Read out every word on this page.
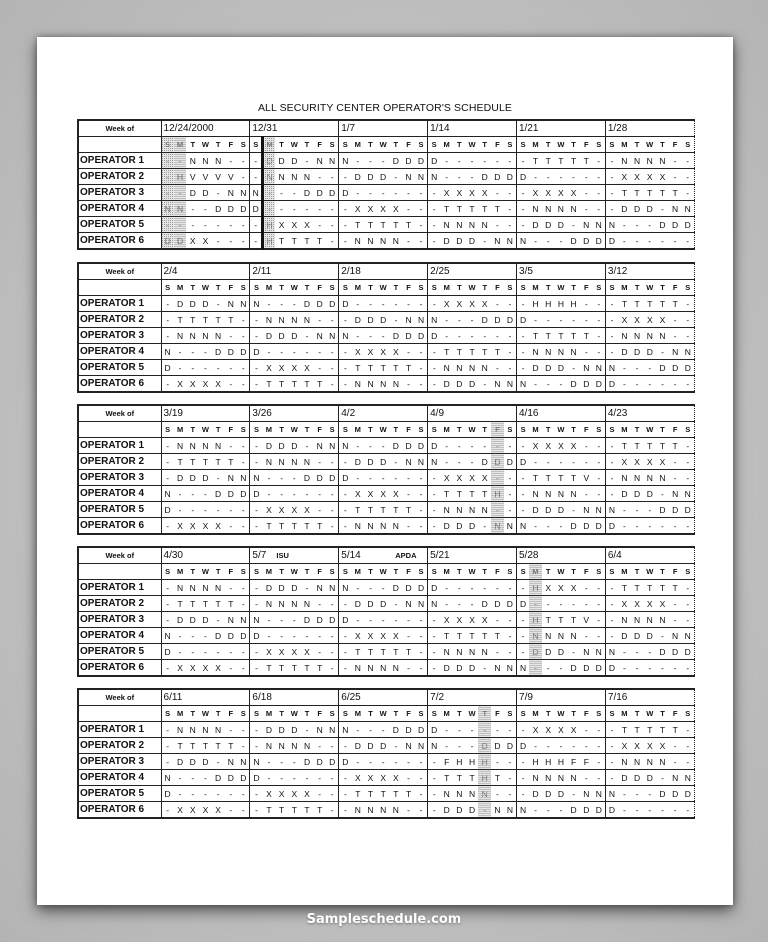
ALL SECURITY CENTER OPERATOR'S SCHEDULE
Week of	12/24/2000							12/31							1/7							1/14							1/21							1/28						
	S	M	T	W	T	F	S	S	M	T	W	T	F	S	S	M	T	W	T	F	S	S	M	T	W	T	F	S	S	M	T	W	T	F	S	S	M	T	W	T	F	S
OPERATOR 1	-	-	N	N	N	-	-	-	D	D	D	-	N	N	N	-	-	-	D	D	D	D	-	-	-	-	-	-	-	T	T	T	T	T	-	-	N	N	N	N	-	-
OPERATOR 2	-	H	V	V	V	V	-	-	N	N	N	N	-	-	-	D	D	D	-	N	N	N	-	-	-	D	D	D	D	-	-	-	-	-	-	-	X	X	X	X	-	-
OPERATOR 3	-	-	D	D	-	N	N	N	-	-	-	D	D	D	D	-	-	-	-	-	-	-	X	X	X	X	-	-	-	X	X	X	X	-	-	-	T	T	T	T	T	-
OPERATOR 4	N	N	-	-	D	D	D	D	-	-	-	-	-	-	-	X	X	X	X	-	-	-	T	T	T	T	T	-	-	N	N	N	N	-	-	-	D	D	D	-	N	N
OPERATOR 5	-	-	-	-	-	-	-	-	H	X	X	X	-	-	-	T	T	T	T	T	-	-	N	N	N	N	-	-	-	D	D	D	-	N	N	N	-	-	-	D	D	D
OPERATOR 6	D	D	X	X	-	-	-	-	H	T	T	T	T	-	-	N	N	N	N	-	-	-	D	D	D	-	N	N	N	-	-	-	D	D	D	D	-	-	-	-	-	-
Week of	2/4							2/11							2/18							2/25							3/5							3/12						
	S	M	T	W	T	F	S	S	M	T	W	T	F	S	S	M	T	W	T	F	S	S	M	T	W	T	F	S	S	M	T	W	T	F	S	S	M	T	W	T	F	S
OPERATOR 1	-	D	D	D	-	N	N	N	-	-	-	D	D	D	D	-	-	-	-	-	-	-	X	X	X	X	-	-	-	H	H	H	H	-	-	-	T	T	T	T	T	-
OPERATOR 2	-	T	T	T	T	T	-	-	N	N	N	N	-	-	-	D	D	D	-	N	N	N	-	-	-	D	D	D	D	-	-	-	-	-	-	-	X	X	X	X	-	-
OPERATOR 3	-	N	N	N	N	-	-	-	D	D	D	-	N	N	N	-	-	-	D	D	D	D	-	-	-	-	-	-	-	T	T	T	T	T	-	-	N	N	N	N	-	-
OPERATOR 4	N	-	-	-	D	D	D	D	-	-	-	-	-	-	-	X	X	X	X	-	-	-	T	T	T	T	T	-	-	N	N	N	N	-	-	-	D	D	D	-	N	N
OPERATOR 5	D	-	-	-	-	-	-	-	X	X	X	X	-	-	-	T	T	T	T	T	-	-	N	N	N	N	-	-	-	D	D	D	-	N	N	N	-	-	-	D	D	D
OPERATOR 6	-	X	X	X	X	-	-	-	T	T	T	T	T	-	-	N	N	N	N	-	-	-	D	D	D	-	N	N	N	-	-	-	D	D	D	D	-	-	-	-	-	-
Week of	3/19							3/26							4/2							4/9							4/16							4/23						
	S	M	T	W	T	F	S	S	M	T	W	T	F	S	S	M	T	W	T	F	S	S	M	T	W	T	F	S	S	M	T	W	T	F	S	S	M	T	W	T	F	S
OPERATOR 1	-	N	N	N	N	-	-	-	D	D	D	-	N	N	N	-	-	-	D	D	D	D	-	-	-	-	-	-	-	X	X	X	X	-	-	-	T	T	T	T	T	-
OPERATOR 2	-	T	T	T	T	T	-	-	N	N	N	N	-	-	-	D	D	D	-	N	N	N	-	-	-	D	D	D	D	-	-	-	-	-	-	-	X	X	X	X	-	-
OPERATOR 3	-	D	D	D	-	N	N	N	-	-	-	D	D	D	D	-	-	-	-	-	-	-	X	X	X	X	-	-	-	T	T	T	T	V	-	-	N	N	N	N	-	-
OPERATOR 4	N	-	-	-	D	D	D	D	-	-	-	-	-	-	-	X	X	X	X	-	-	-	T	T	T	T	H	-	-	N	N	N	N	-	-	-	D	D	D	-	N	N
OPERATOR 5	D	-	-	-	-	-	-	-	X	X	X	X	-	-	-	T	T	T	T	T	-	-	N	N	N	N	-	-	-	D	D	D	-	N	N	N	-	-	-	D	D	D
OPERATOR 6	-	X	X	X	X	-	-	-	T	T	T	T	T	-	-	N	N	N	N	-	-	-	D	D	D	-	N	N	N	-	-	-	D	D	D	D	-	-	-	-	-	-
Week of	4/30							5/7 ISU							5/14 APDA							5/21							5/28							6/4						
	S	M	T	W	T	F	S	S	M	T	W	T	F	S	S	M	T	W	T	F	S	S	M	T	W	T	F	S	S	M	T	W	T	F	S	S	M	T	W	T	F	S
OPERATOR 1	-	N	N	N	N	-	-	-	D	D	D	-	N	N	N	-	-	-	D	D	D	D	-	-	-	-	-	-	-	H	X	X	X	-	-	-	T	T	T	T	T	-
OPERATOR 2	-	T	T	T	T	T	-	-	N	N	N	N	-	-	-	D	D	D	-	N	N	N	-	-	-	D	D	D	D	-	-	-	-	-	-	-	X	X	X	X	-	-
OPERATOR 3	-	D	D	D	-	N	N	N	-	-	-	D	D	D	D	-	-	-	-	-	-	-	X	X	X	X	-	-	-	H	T	T	T	V	-	-	N	N	N	N	-	-
OPERATOR 4	N	-	-	-	D	D	D	D	-	-	-	-	-	-	-	X	X	X	X	-	-	-	T	T	T	T	T	-	-	N	N	N	N	-	-	-	D	D	D	-	N	N
OPERATOR 5	D	-	-	-	-	-	-	-	X	X	X	X	-	-	-	T	T	T	T	T	-	-	N	N	N	N	-	-	-	D	D	D	-	N	N	N	-	-	-	D	D	D
OPERATOR 6	-	X	X	X	X	-	-	-	T	T	T	T	T	-	-	N	N	N	N	-	-	-	D	D	D	-	N	N	N	-	-	-	D	D	D	D	-	-	-	-	-	-
Week of	6/11							6/18							6/25							7/2							7/9							7/16						
	S	M	T	W	T	F	S	S	M	T	W	T	F	S	S	M	T	W	T	F	S	S	M	T	W	T	F	S	S	M	T	W	T	F	S	S	M	T	W	T	F	S
OPERATOR 1	-	N	N	N	N	-	-	-	D	D	D	-	N	N	N	-	-	-	D	D	D	D	-	-	-	-	-	-	-	X	X	X	X	-	-	-	T	T	T	T	T	-
OPERATOR 2	-	T	T	T	T	T	-	-	N	N	N	N	-	-	-	D	D	D	-	N	N	N	-	-	-	D	D	D	D	-	-	-	-	-	-	-	X	X	X	X	-	-
OPERATOR 3	-	D	D	D	-	N	N	N	-	-	-	D	D	D	D	-	-	-	-	-	-	-	F	H	H	H	-	-	-	H	H	H	F	F	-	-	N	N	N	N	-	-
OPERATOR 4	N	-	-	-	D	D	D	D	-	-	-	-	-	-	-	X	X	X	X	-	-	-	T	T	T	H	T	-	-	N	N	N	N	-	-	-	D	D	D	-	N	N
OPERATOR 5	D	-	-	-	-	-	-	-	X	X	X	X	-	-	-	T	T	T	T	T	-	-	N	N	N	N	-	-	-	D	D	D	-	N	N	N	-	-	-	D	D	D
OPERATOR 6	-	X	X	X	X	-	-	-	T	T	T	T	T	-	-	N	N	N	N	-	-	-	D	D	D	-	N	N	N	-	-	-	D	D	D	D	-	-	-	-	-	-
Sampleschedule.com
